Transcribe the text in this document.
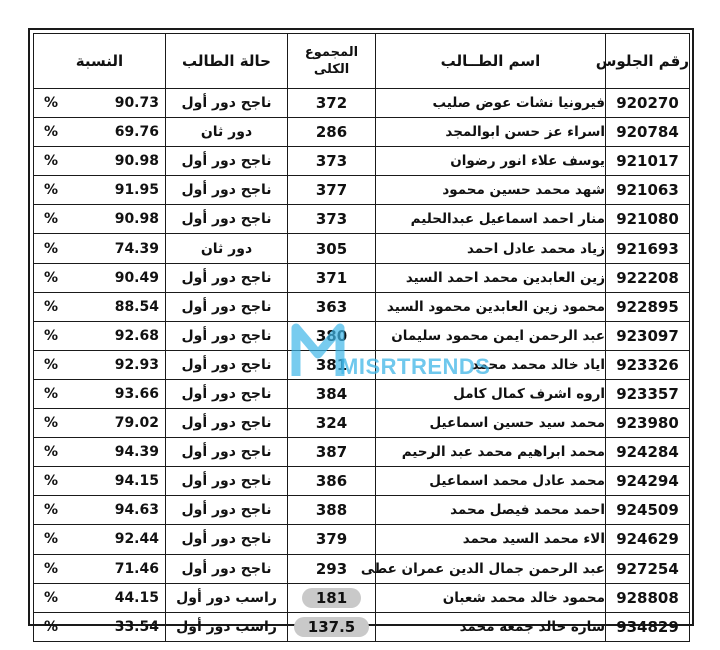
رقم الجلوس	اسم الطــالب	المجموع الكلى	حالة الطالب	النسبة
920270	فيرونيا نشات عوض صليب	372	ناجح دور أول	% 90.73

920784	اسراء عز حسن ابوالمجد	286	دور ثان	% 69.76

921017	يوسف علاء انور رضوان	373	ناجح دور أول	% 90.98

921063	شهد محمد حسين محمود	377	ناجح دور أول	% 91.95

921080	منار احمد اسماعيل عبدالحليم	373	ناجح دور أول	% 90.98

921693	زياد محمد عادل احمد	305	دور ثان	% 74.39

922208	زين العابدين محمد احمد السيد	371	ناجح دور أول	% 90.49

922895	محمود زين العابدين محمود السيد	363	ناجح دور أول	% 88.54

923097	عبد الرحمن ايمن محمود سليمان	380	ناجح دور أول	% 92.68

923326	اياد خالد محمد محمد	381	ناجح دور أول	% 92.93

923357	اروه اشرف كمال كامل	384	ناجح دور أول	% 93.66

923980	محمد سيد حسين اسماعيل	324	ناجح دور أول	% 79.02

924284	محمد ابراهيم محمد عبد الرحيم	387	ناجح دور أول	% 94.39

924294	محمد عادل محمد اسماعيل	386	ناجح دور أول	% 94.15

924509	احمد محمد فيصل محمد	388	ناجح دور أول	% 94.63

924629	الاء محمد السيد محمد	379	ناجح دور أول	% 92.44

927254	عبد الرحمن جمال الدين عمران عطى	293	ناجح دور أول	% 71.46

928808	محمود خالد محمد شعبان	181	راسب دور أول	% 44.15

934829	سارة خالد جمعه محمد	137.5	راسب دور أول	% 33.54
MISRTRENDS
